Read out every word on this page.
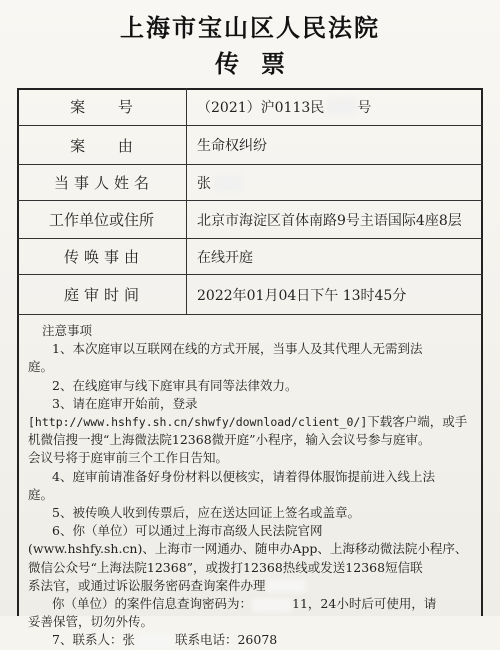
上海市宝山区人民法院
传票
案 号	（2021）沪0113民 号
案 由	生命权纠纷
当事人姓名	张
工作单位或住所	北京市海淀区首体南路9号主语国际4座8层
传唤事由	在线开庭
庭审时间	2022年01月04日下午 13时45分

注意事项

1、本次庭审以互联网在线的方式开展，当事人及其代理人无需到法

庭。

2、在线庭审与线下庭审具有同等法律效力。

3、请在庭审开始前，登录

[http://www.hshfy.sh.cn/shwfy/download/client_0/]下载客户端，或手

机微信搜一搜“上海微法院12368微开庭”小程序，输入会议号参与庭审。

会议号将于庭审前三个工作日告知。

4、庭审前请准备好身份材料以便核实，请着得体服饰提前进入线上法

庭。

5、被传唤人收到传票后，应在送达回证上签名或盖章。

6、你（单位）可以通过上海市高级人民法院官网

(www.hshfy.sh.cn)、上海市一网通办、随申办App、上海移动微法院小程序、

微信公众号“上海法院12368”，或拨打12368热线或发送12368短信联

系法官，或通过诉讼服务密码查询案件办理

你（单位）的案件信息查询密码为：	11，24小时后可使用，请

妥善保管，切勿外传。

7、联系人：张	联系电话：26078
